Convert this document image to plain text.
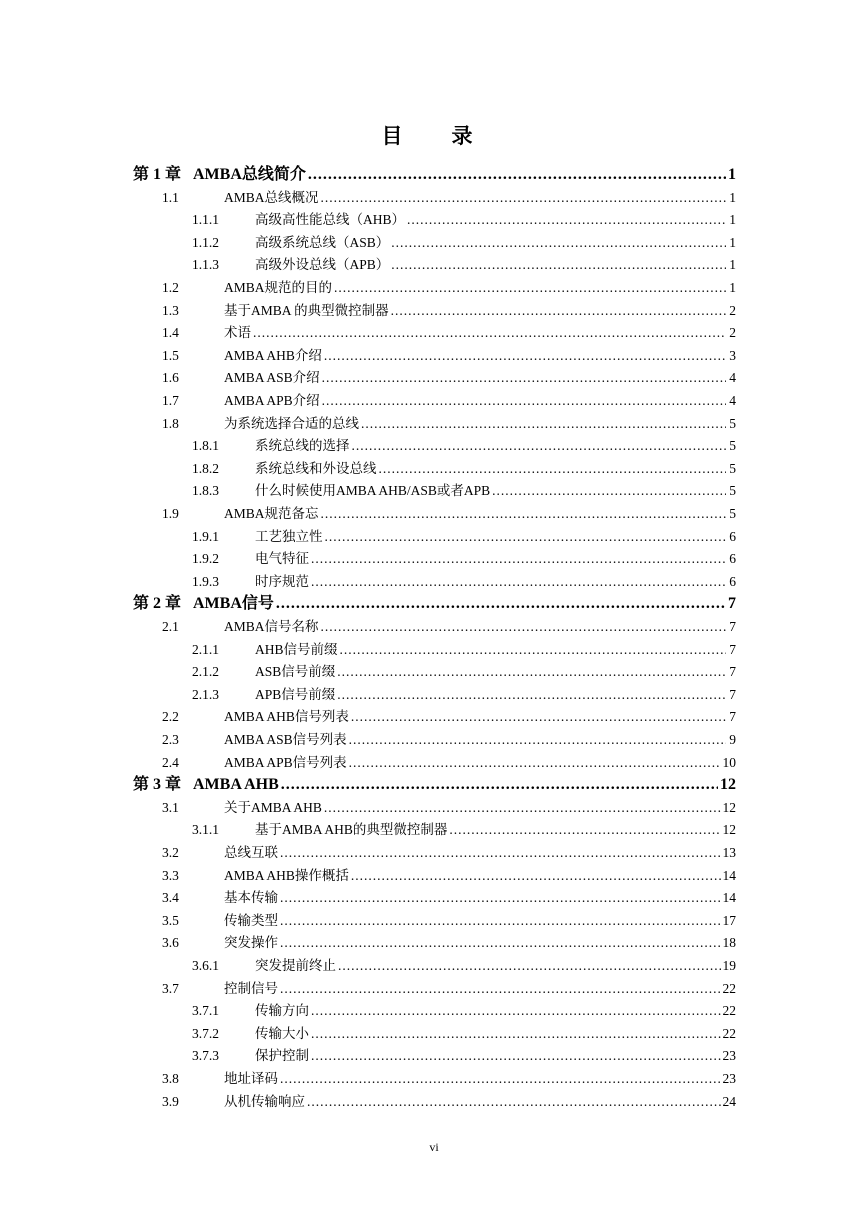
目　录
第 1 章 AMBA总线简介 .....	1
1.1	AMBA总线概况 .....	1
1.1.1	高级高性能总线（AHB） .....	1
1.1.2	高级系统总线（ASB） .....	1
1.1.3	高级外设总线（APB） .....	1
1.2	AMBA规范的目的 .....	1
1.3	基于AMBA 的典型微控制器 .....	2
1.4	术语 .....	2
1.5	AMBA AHB介绍 .....	3
1.6	AMBA ASB介绍 .....	4
1.7	AMBA APB介绍 .....	4
1.8	为系统选择合适的总线 .....	5
1.8.1	系统总线的选择 .....	5
1.8.2	系统总线和外设总线 .....	5
1.8.3	什么时候使用AMBA AHB/ASB或者APB .....	5
1.9	AMBA规范备忘 .....	5
1.9.1	工艺独立性 .....	6
1.9.2	电气特征 .....	6
1.9.3	时序规范 .....	6
第 2 章 AMBA信号 .....	7
2.1	AMBA信号名称 .....	7
2.1.1	AHB信号前缀 .....	7
2.1.2	ASB信号前缀 .....	7
2.1.3	APB信号前缀 .....	7
2.2	AMBA AHB信号列表 .....	7
2.3	AMBA ASB信号列表 .....	9
2.4	AMBA APB信号列表 .....	10
第 3 章 AMBA AHB .....	12
3.1	关于AMBA AHB .....	12
3.1.1	基于AMBA AHB的典型微控制器 .....	12
3.2	总线互联 .....	13
3.3	AMBA AHB操作概括 .....	14
3.4	基本传输 .....	14
3.5	传输类型 .....	17
3.6	突发操作 .....	18
3.6.1	突发提前终止 .....	19
3.7	控制信号 .....	22
3.7.1	传输方向 .....	22
3.7.2	传输大小 .....	22
3.7.3	保护控制 .....	23
3.8	地址译码 .....	23
3.9	从机传输响应 .....	24
vi
